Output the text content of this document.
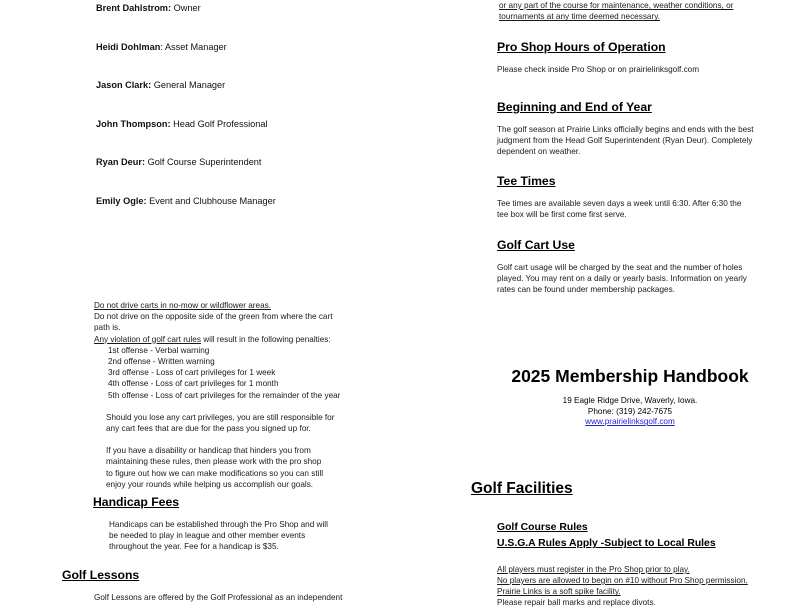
Brent Dahlstrom: Owner
Heidi Dohlman: Asset Manager
Jason Clark: General Manager
John Thompson: Head Golf Professional
Ryan Deur: Golf Course Superintendent
Emily Ogle: Event and Clubhouse Manager

Do not drive carts in no-mow or wildflower areas.

Do not drive on the opposite side of the green from where the cart path is.

Any violation of golf cart rules will result in the following penalties:

1st offense - Verbal warning

2nd offense - Written warning

3rd offense - Loss of cart privileges for 1 week

4th offense - Loss of cart privileges for 1 month

5th offense - Loss of cart privileges for the remainder of the year

Should you lose any cart privileges, you are still responsible for any cart fees that are due for the pass you signed up for.

If you have a disability or handicap that hinders you from maintaining these rules, then please work with the pro shop to figure out how we can make modifications so you can still enjoy your rounds while helping us accomplish our goals.

Handicap Fees

Handicaps can be established through the Pro Shop and will be needed to play in league and other member events throughout the year. Fee for a handicap is $35.

Golf Lessons

Golf Lessons are offered by the Golf Professional as an independent

or any part of the course for maintenance, weather conditions, or

tournaments at any time deemed necessary.

Pro Shop Hours of Operation

Please check inside Pro Shop or on prairielinksgolf.com

Beginning and End of Year

The golf season at Prairie Links officially begins and ends with the best judgment from the Head Golf Superintendent (Ryan Deur). Completely dependent on weather.

Tee Times

Tee times are available seven days a week until 6:30. After 6:30 the tee box will be first come first serve.

Golf Cart Use

Golf cart usage will be charged by the seat and the number of holes played. You may rent on a daily or yearly basis. Information on yearly rates can be found under membership packages.

2025 Membership Handbook
19 Eagle Ridge Drive, Waverly, Iowa.
Phone: (319) 242-7675
www.prairielinksgolf.com
Golf Facilities
Golf Course Rules
U.S.G.A Rules Apply -Subject to Local Rules

All players must register in the Pro Shop prior to play.

No players are allowed to begin on #10 without Pro Shop permission.

Prairie Links is a soft spike facility.

Please repair ball marks and replace divots.
